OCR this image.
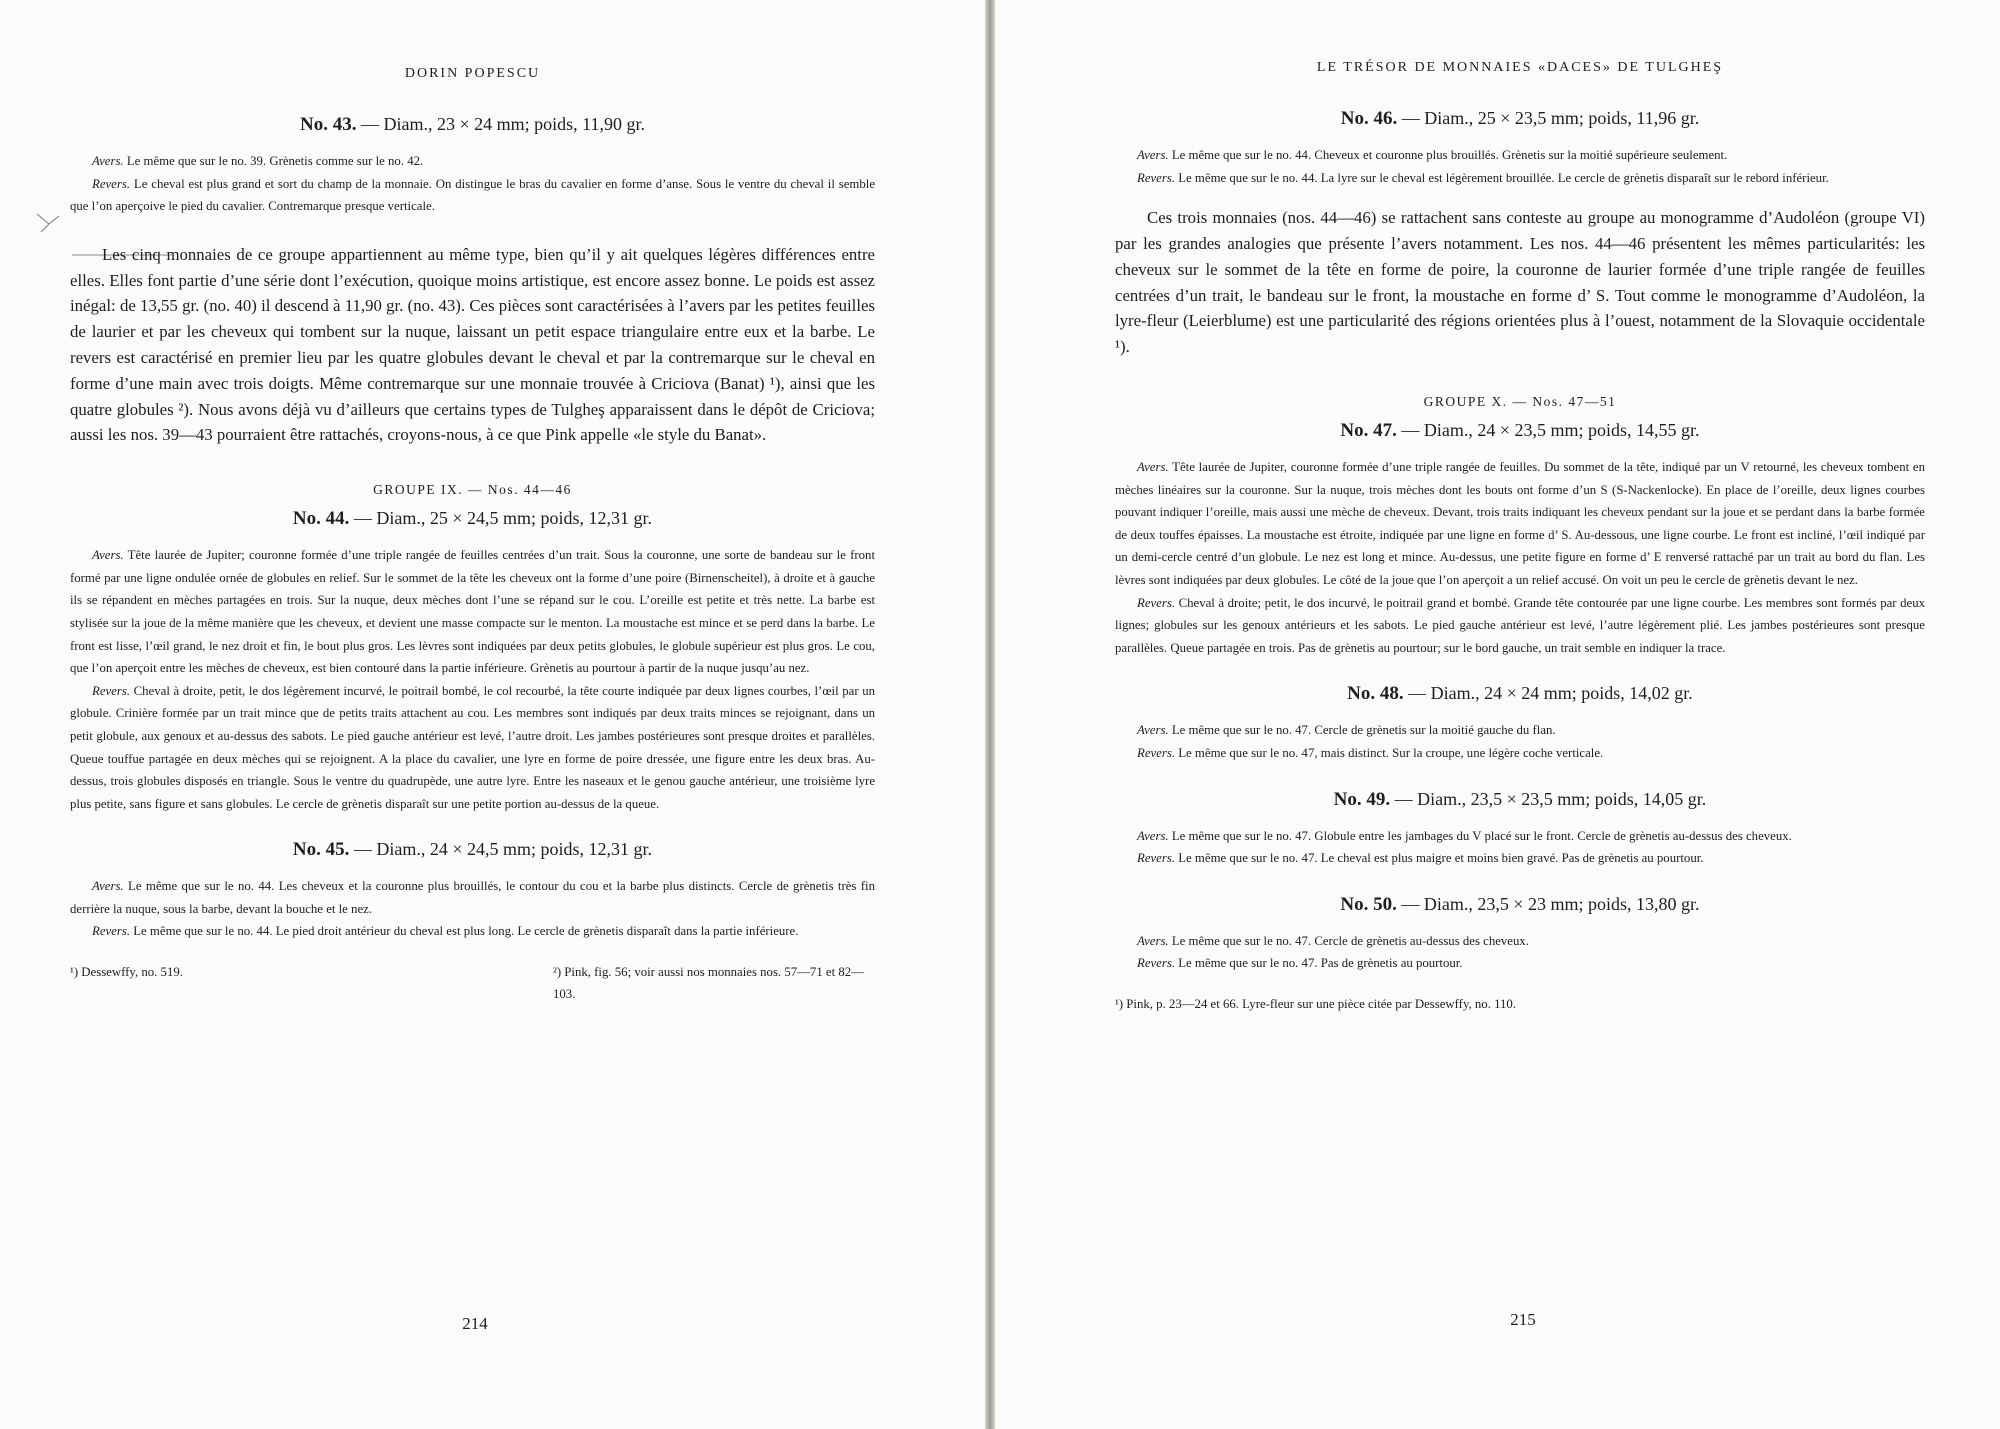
DORIN POPESCU
No. 43. — Diam., 23 × 24 mm; poids, 11,90 gr.

Avers. Le même que sur le no. 39. Grènetis comme sur le no. 42.

Revers. Le cheval est plus grand et sort du champ de la monnaie. On distingue le bras du cavalier en forme d’anse. Sous le ventre du cheval il semble que l’on aperçoive le pied du cavalier. Contremarque presque verticale.

Les cinq monnaies de ce groupe appartiennent au même type, bien qu’il y ait quelques légères différences entre elles. Elles font partie d’une série dont l’exécution, quoique moins artistique, est encore assez bonne. Le poids est assez inégal: de 13,55 gr. (no. 40) il descend à 11,90 gr. (no. 43). Ces pièces sont caractérisées à l’avers par les petites feuilles de laurier et par les cheveux qui tombent sur la nuque, laissant un petit espace triangulaire entre eux et la barbe. Le revers est caractérisé en premier lieu par les quatre globules devant le cheval et par la contremarque sur le cheval en forme d’une main avec trois doigts. Même contremarque sur une monnaie trouvée à Criciova (Banat) ¹), ainsi que les quatre globules ²). Nous avons déjà vu d’ailleurs que certains types de Tulgheş apparaissent dans le dépôt de Criciova; aussi les nos. 39—43 pourraient être rattachés, croyons-nous, à ce que Pink appelle «le style du Banat».

GROUPE IX. — Nos. 44—46
No. 44. — Diam., 25 × 24,5 mm; poids, 12,31 gr.

Avers. Tête laurée de Jupiter; couronne formée d’une triple rangée de feuilles centrées d’un trait. Sous la couronne, une sorte de bandeau sur le front formé par une ligne ondulée ornée de globules en relief. Sur le sommet de la tête les cheveux ont la forme d’une poire (Birnenscheitel), à droite et à gauche ils se répandent en mèches partagées en trois. Sur la nuque, deux mèches dont l’une se répand sur le cou. L’oreille est petite et très nette. La barbe est stylisée sur la joue de la même manière que les cheveux, et devient une masse compacte sur le menton. La moustache est mince et se perd dans la barbe. Le front est lisse, l’œil grand, le nez droit et fin, le bout plus gros. Les lèvres sont indiquées par deux petits globules, le globule supérieur est plus gros. Le cou, que l’on aperçoit entre les mèches de cheveux, est bien contouré dans la partie inférieure. Grènetis au pourtour à partir de la nuque jusqu’au nez.

Revers. Cheval à droite, petit, le dos légèrement incurvé, le poitrail bombé, le col recourbé, la tête courte indiquée par deux lignes courbes, l’œil par un globule. Crinière formée par un trait mince que de petits traits attachent au cou. Les membres sont indiqués par deux traits minces se rejoignant, dans un petit globule, aux genoux et au-dessus des sabots. Le pied gauche antérieur est levé, l’autre droit. Les jambes postérieures sont presque droites et parallèles. Queue touffue partagée en deux mèches qui se rejoignent. A la place du cavalier, une lyre en forme de poire dressée, une figure entre les deux bras. Au-dessus, trois globules disposés en triangle. Sous le ventre du quadrupède, une autre lyre. Entre les naseaux et le genou gauche antérieur, une troisième lyre plus petite, sans figure et sans globules. Le cercle de grènetis disparaît sur une petite portion au-dessus de la queue.

No. 45. — Diam., 24 × 24,5 mm; poids, 12,31 gr.

Avers. Le même que sur le no. 44. Les cheveux et la couronne plus brouillés, le contour du cou et la barbe plus distincts. Cercle de grènetis très fin derrière la nuque, sous la barbe, devant la bouche et le nez.

Revers. Le même que sur le no. 44. Le pied droit antérieur du cheval est plus long. Le cercle de grènetis disparaît dans la partie inférieure.

¹) Dessewffy, no. 519.	²) Pink, fig. 56; voir aussi nos monnaies nos. 57—71 et 82—103.
214
LE TRÉSOR DE MONNAIES «DACES» DE TULGHEŞ
No. 46. — Diam., 25 × 23,5 mm; poids, 11,96 gr.

Avers. Le même que sur le no. 44. Cheveux et couronne plus brouillés. Grènetis sur la moitié supérieure seulement.

Revers. Le même que sur le no. 44. La lyre sur le cheval est légèrement brouillée. Le cercle de grènetis disparaît sur le rebord inférieur.

Ces trois monnaies (nos. 44—46) se rattachent sans conteste au groupe au monogramme d’Audoléon (groupe VI) par les grandes analogies que présente l’avers notamment. Les nos. 44—46 présentent les mêmes particularités: les cheveux sur le sommet de la tête en forme de poire, la couronne de laurier formée d’une triple rangée de feuilles centrées d’un trait, le bandeau sur le front, la moustache en forme d’ S. Tout comme le monogramme d’Audoléon, la lyre-fleur (Leierblume) est une particularité des régions orientées plus à l’ouest, notamment de la Slovaquie occidentale ¹).

GROUPE X. — Nos. 47—51
No. 47. — Diam., 24 × 23,5 mm; poids, 14,55 gr.

Avers. Tête laurée de Jupiter, couronne formée d’une triple rangée de feuilles. Du sommet de la tête, indiqué par un V retourné, les cheveux tombent en mèches linéaires sur la couronne. Sur la nuque, trois mèches dont les bouts ont forme d’un S (S-Nackenlocke). En place de l’oreille, deux lignes courbes pouvant indiquer l’oreille, mais aussi une mèche de cheveux. Devant, trois traits indiquant les cheveux pendant sur la joue et se perdant dans la barbe formée de deux touffes épaisses. La moustache est étroite, indiquée par une ligne en forme d’ S. Au-dessous, une ligne courbe. Le front est incliné, l’œil indiqué par un demi-cercle centré d’un globule. Le nez est long et mince. Au-dessus, une petite figure en forme d’ E renversé rattaché par un trait au bord du flan. Les lèvres sont indiquées par deux globules. Le côté de la joue que l’on aperçoit a un relief accusé. On voit un peu le cercle de grènetis devant le nez.

Revers. Cheval à droite; petit, le dos incurvé, le poitrail grand et bombé. Grande tête contourée par une ligne courbe. Les membres sont formés par deux lignes; globules sur les genoux antérieurs et les sabots. Le pied gauche antérieur est levé, l’autre légèrement plié. Les jambes postérieures sont presque parallèles. Queue partagée en trois. Pas de grènetis au pourtour; sur le bord gauche, un trait semble en indiquer la trace.

No. 48. — Diam., 24 × 24 mm; poids, 14,02 gr.

Avers. Le même que sur le no. 47. Cercle de grènetis sur la moitié gauche du flan.

Revers. Le même que sur le no. 47, mais distinct. Sur la croupe, une légère coche verticale.

No. 49. — Diam., 23,5 × 23,5 mm; poids, 14,05 gr.

Avers. Le même que sur le no. 47. Globule entre les jambages du V placé sur le front. Cercle de grènetis au-dessus des cheveux.

Revers. Le même que sur le no. 47. Le cheval est plus maigre et moins bien gravé. Pas de grènetis au pourtour.

No. 50. — Diam., 23,5 × 23 mm; poids, 13,80 gr.

Avers. Le même que sur le no. 47. Cercle de grènetis au-dessus des cheveux.

Revers. Le même que sur le no. 47. Pas de grènetis au pourtour.

¹) Pink, p. 23—24 et 66. Lyre-fleur sur une pièce citée par Dessewffy, no. 110.
215
